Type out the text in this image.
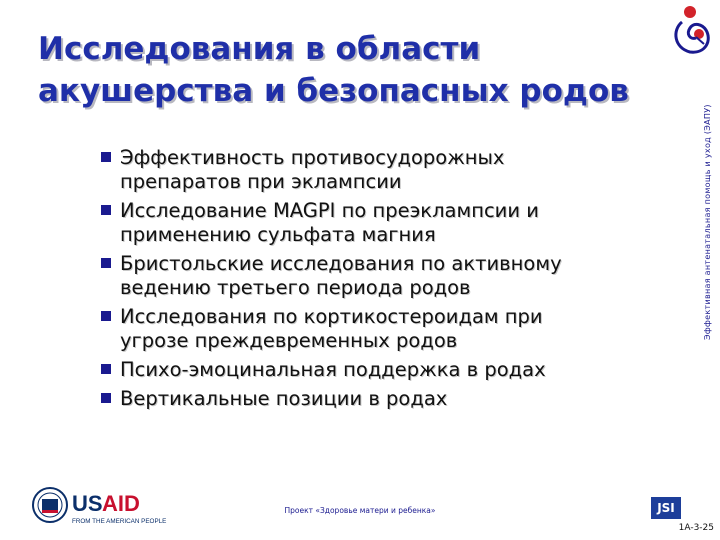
Исследования в области
акушерства и безопасных родов
Эффективность противосудорожных
препаратов при эклампсии
Исследование MAGPI по преэклампсии и
применению сульфата магния
Бристольские исследования по активному
ведению третьего периода родов
Исследования по кортикостероидам при
угрозе преждевременных родов
Психо-эмоцинальная поддержка в родах
Вертикальные позиции в родах
Эффективная антенатальная помощь и уход (ЭАПУ)
US AID
FROM THE AMERICAN PEOPLE
Проект «Здоровье матери и ребенка»	JSI
1A-3-25
